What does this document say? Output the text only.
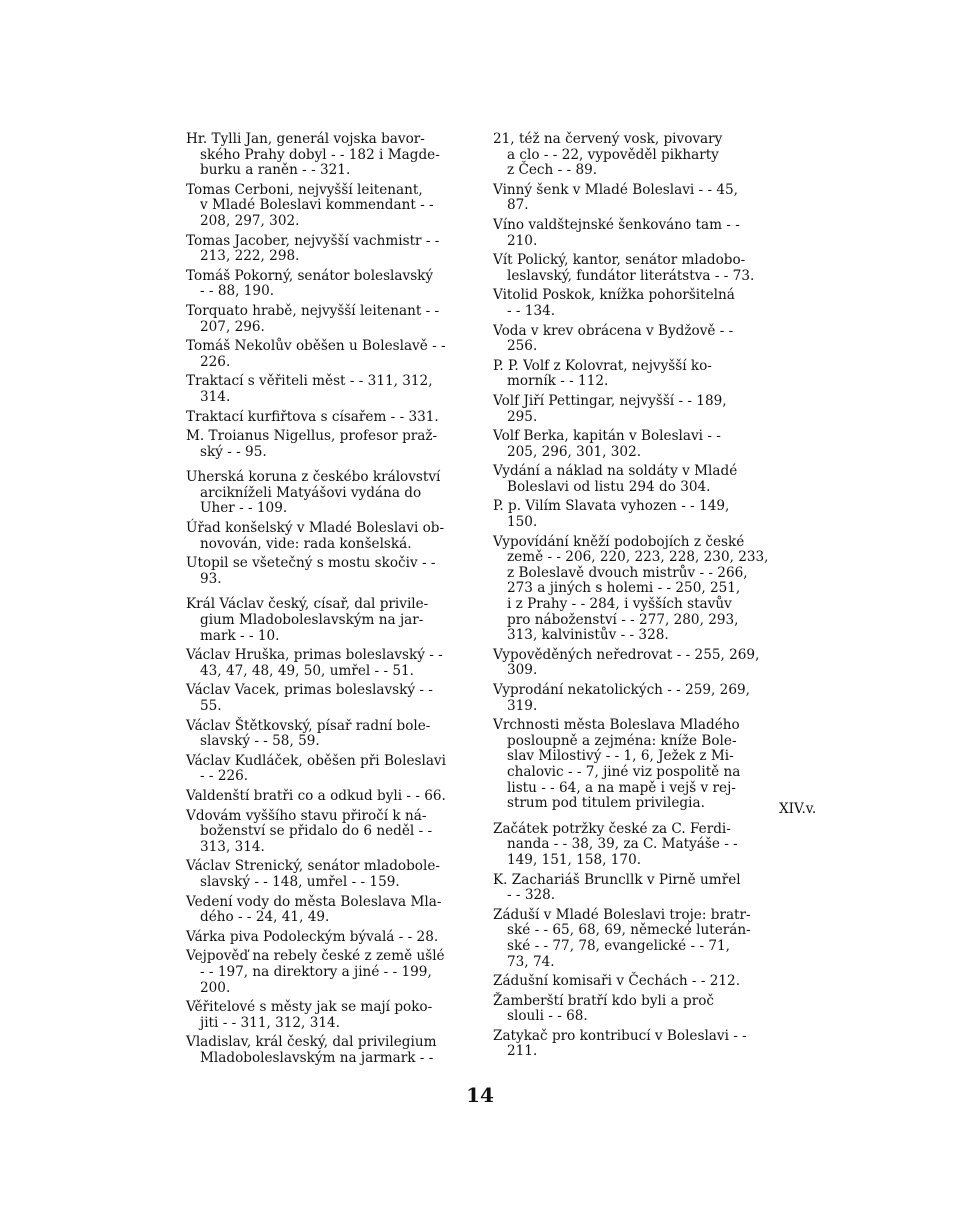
Hr. Tylli Jan, generál vojska bavor-
ského Prahy dobyl - - 182 i Magde-
burku a raněn - - 321.

Tomas Cerboni, nejvyšší leitenant,
v Mladé Boleslavi kommendant - -
208, 297, 302.

Tomas Jacober, nejvyšší vachmistr - -
213, 222, 298.

Tomáš Pokorný, senátor boleslavský
- - 88, 190.

Torquato hrabě, nejvyšší leitenant - -
207, 296.

Tomáš Nekolův oběšen u Boleslavě - -
226.

Traktací s věřiteli měst - - 311, 312,
314.

Traktací kurfiřtova s císařem - - 331.

M. Troianus Nigellus, profesor praž-
ský - - 95.

Uherská koruna z českébo království
arcikníželi Matyášovi vydána do
Uher - - 109.

Úřad konšelský v Mladé Boleslavi ob-
novován, vide: rada konšelská.

Utopil se všetečný s mostu skočiv - -
93.

Král Václav český, císař, dal privile-
gium Mladoboleslavským na jar-
mark - - 10.

Václav Hruška, primas boleslavský - -
43, 47, 48, 49, 50, umřel - - 51.

Václav Vacek, primas boleslavský - -
55.

Václav Štětkovský, písař radní bole-
slavský - - 58, 59.

Václav Kudláček, oběšen při Boleslavi
- - 226.

Valdenští bratři co a odkud byli - - 66.

Vdovám vyššího stavu přiročí k ná-
boženství se přidalo do 6 neděl - -
313, 314.

Václav Strenický, senátor mladobole-
slavský - - 148, umřel - - 159.

Vedení vody do města Boleslava Mla-
dého - - 24, 41, 49.

Várka piva Podoleckým bývalá - - 28.

Vejpověď na rebely české z země ušlé
- - 197, na direktory a jiné - - 199,
200.

Věřitelové s městy jak se mají poko-
jiti - - 311, 312, 314.

Vladislav, král český, dal privilegium
Mladoboleslavským na jarmark - -

21, též na červený vosk, pivovary
a clo - - 22, vypověděl pikharty
z Čech - - 89.

Vinný šenk v Mladé Boleslavi - - 45,
87.

Víno valdštejnské šenkováno tam - -
210.

Vít Polický, kantor, senátor mladobo-
leslavský, fundátor literátstva - - 73.

Vitolid Poskok, knížka pohoršitelná
- - 134.

Voda v krev obrácena v Bydžově - -
256.

P. P. Volf z Kolovrat, nejvyšší ko-
morník - - 112.

Volf Jiří Pettingar, nejvyšší - - 189,
295.

Volf Berka, kapitán v Boleslavi - -
205, 296, 301, 302.

Vydání a náklad na soldáty v Mladé
Boleslavi od listu 294 do 304.

P. p. Vilím Slavata vyhozen - - 149,
150.

Vypovídání kněží podobojích z české
země - - 206, 220, 223, 228, 230, 233,
z Boleslavě dvouch mistrův - - 266,
273 a jiných s holemi - - 250, 251,
i z Prahy - - 284, i vyšších stavův
pro náboženství - - 277, 280, 293,
313, kalvinistův - - 328.

Vypověděných neředrovat - - 255, 269,
309.

Vyprodání nekatolických - - 259, 269,
319.

Vrchnosti města Boleslava Mladého
posloupně a zejména: kníže Bole-
slav Milostivý - - 1, 6, Ježek z Mi-
chalovic - - 7, jiné viz pospolitě na
listu - - 64, a na mapě i vejš v rej-
strum pod titulem privilegia.

Začátek potržky české za C. Ferdi-
nanda - - 38, 39, za C. Matyáše - -
149, 151, 158, 170.

K. Zachariáš Bruncllk v Pirně umřel
- - 328.

Záduší v Mladé Boleslavi troje: bratr-
ské - - 65, 68, 69, německé luterán-
ské - - 77, 78, evangelické - - 71,
73, 74.

Zádušní komisaři v Čechách - - 212.

Žamberští bratří kdo byli a proč
slouli - - 68.

Zatykač pro kontribucí v Boleslavi - -
211.

XIV.v.
14
